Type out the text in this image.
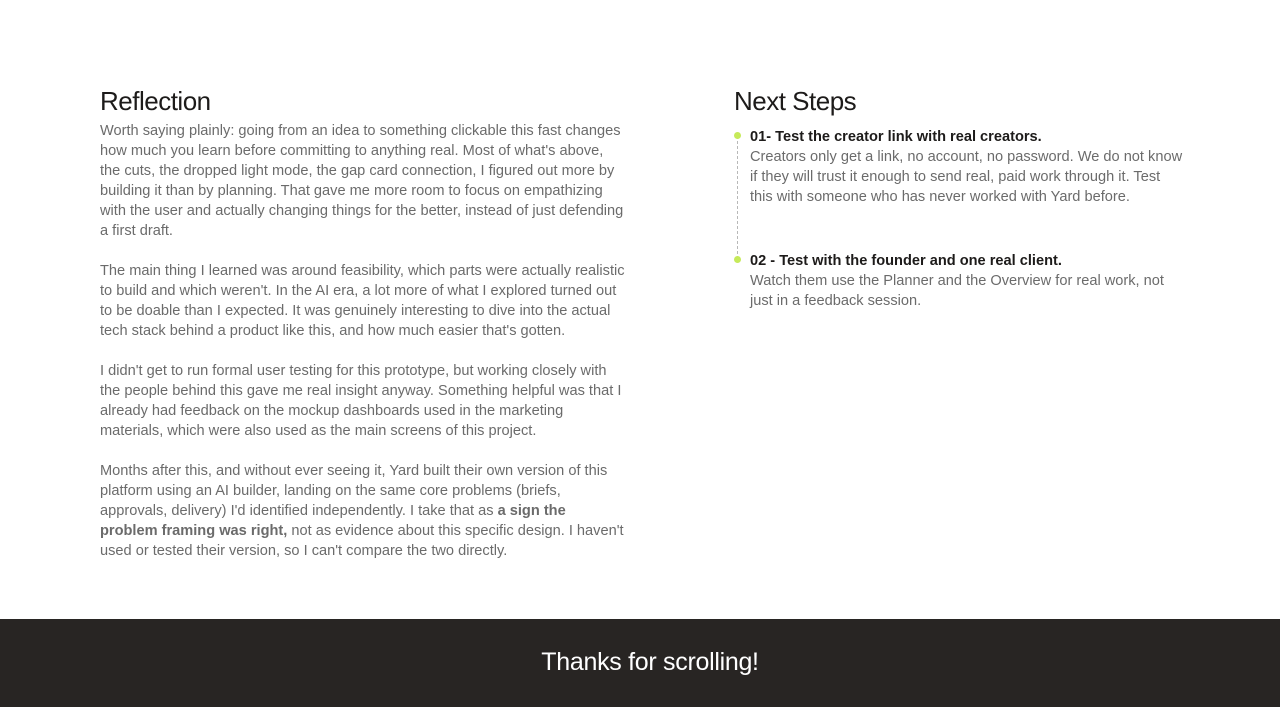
Reflection

Worth saying plainly: going from an idea to something clickable this fast changes how much you learn before committing to anything real. Most of what's above, the cuts, the dropped light mode, the gap card connection, I figured out more by building it than by planning. That gave me more room to focus on empathizing with the user and actually changing things for the better, instead of just defending a first draft.

The main thing I learned was around feasibility, which parts were actually realistic to build and which weren't. In the AI era, a lot more of what I explored turned out to be doable than I expected. It was genuinely interesting to dive into the actual tech stack behind a product like this, and how much easier that's gotten.

I didn't get to run formal user testing for this prototype, but working closely with the people behind this gave me real insight anyway. Something helpful was that I already had feedback on the mockup dashboards used in the marketing materials, which were also used as the main screens of this project.

Months after this, and without ever seeing it, Yard built their own version of this platform using an AI builder, landing on the same core problems (briefs, approvals, delivery) I'd identified independently. I take that as a sign the problem framing was right, not as evidence about this specific design. I haven't used or tested their version, so I can't compare the two directly.

Next Steps
01- Test the creator link with real creators.
Creators only get a link, no account, no password. We do not know if they will trust it enough to send real, paid work through it. Test this with someone who has never worked with Yard before.
02 - Test with the founder and one real client.
Watch them use the Planner and the Overview for real work, not just in a feedback session.
Thanks for scrolling!
